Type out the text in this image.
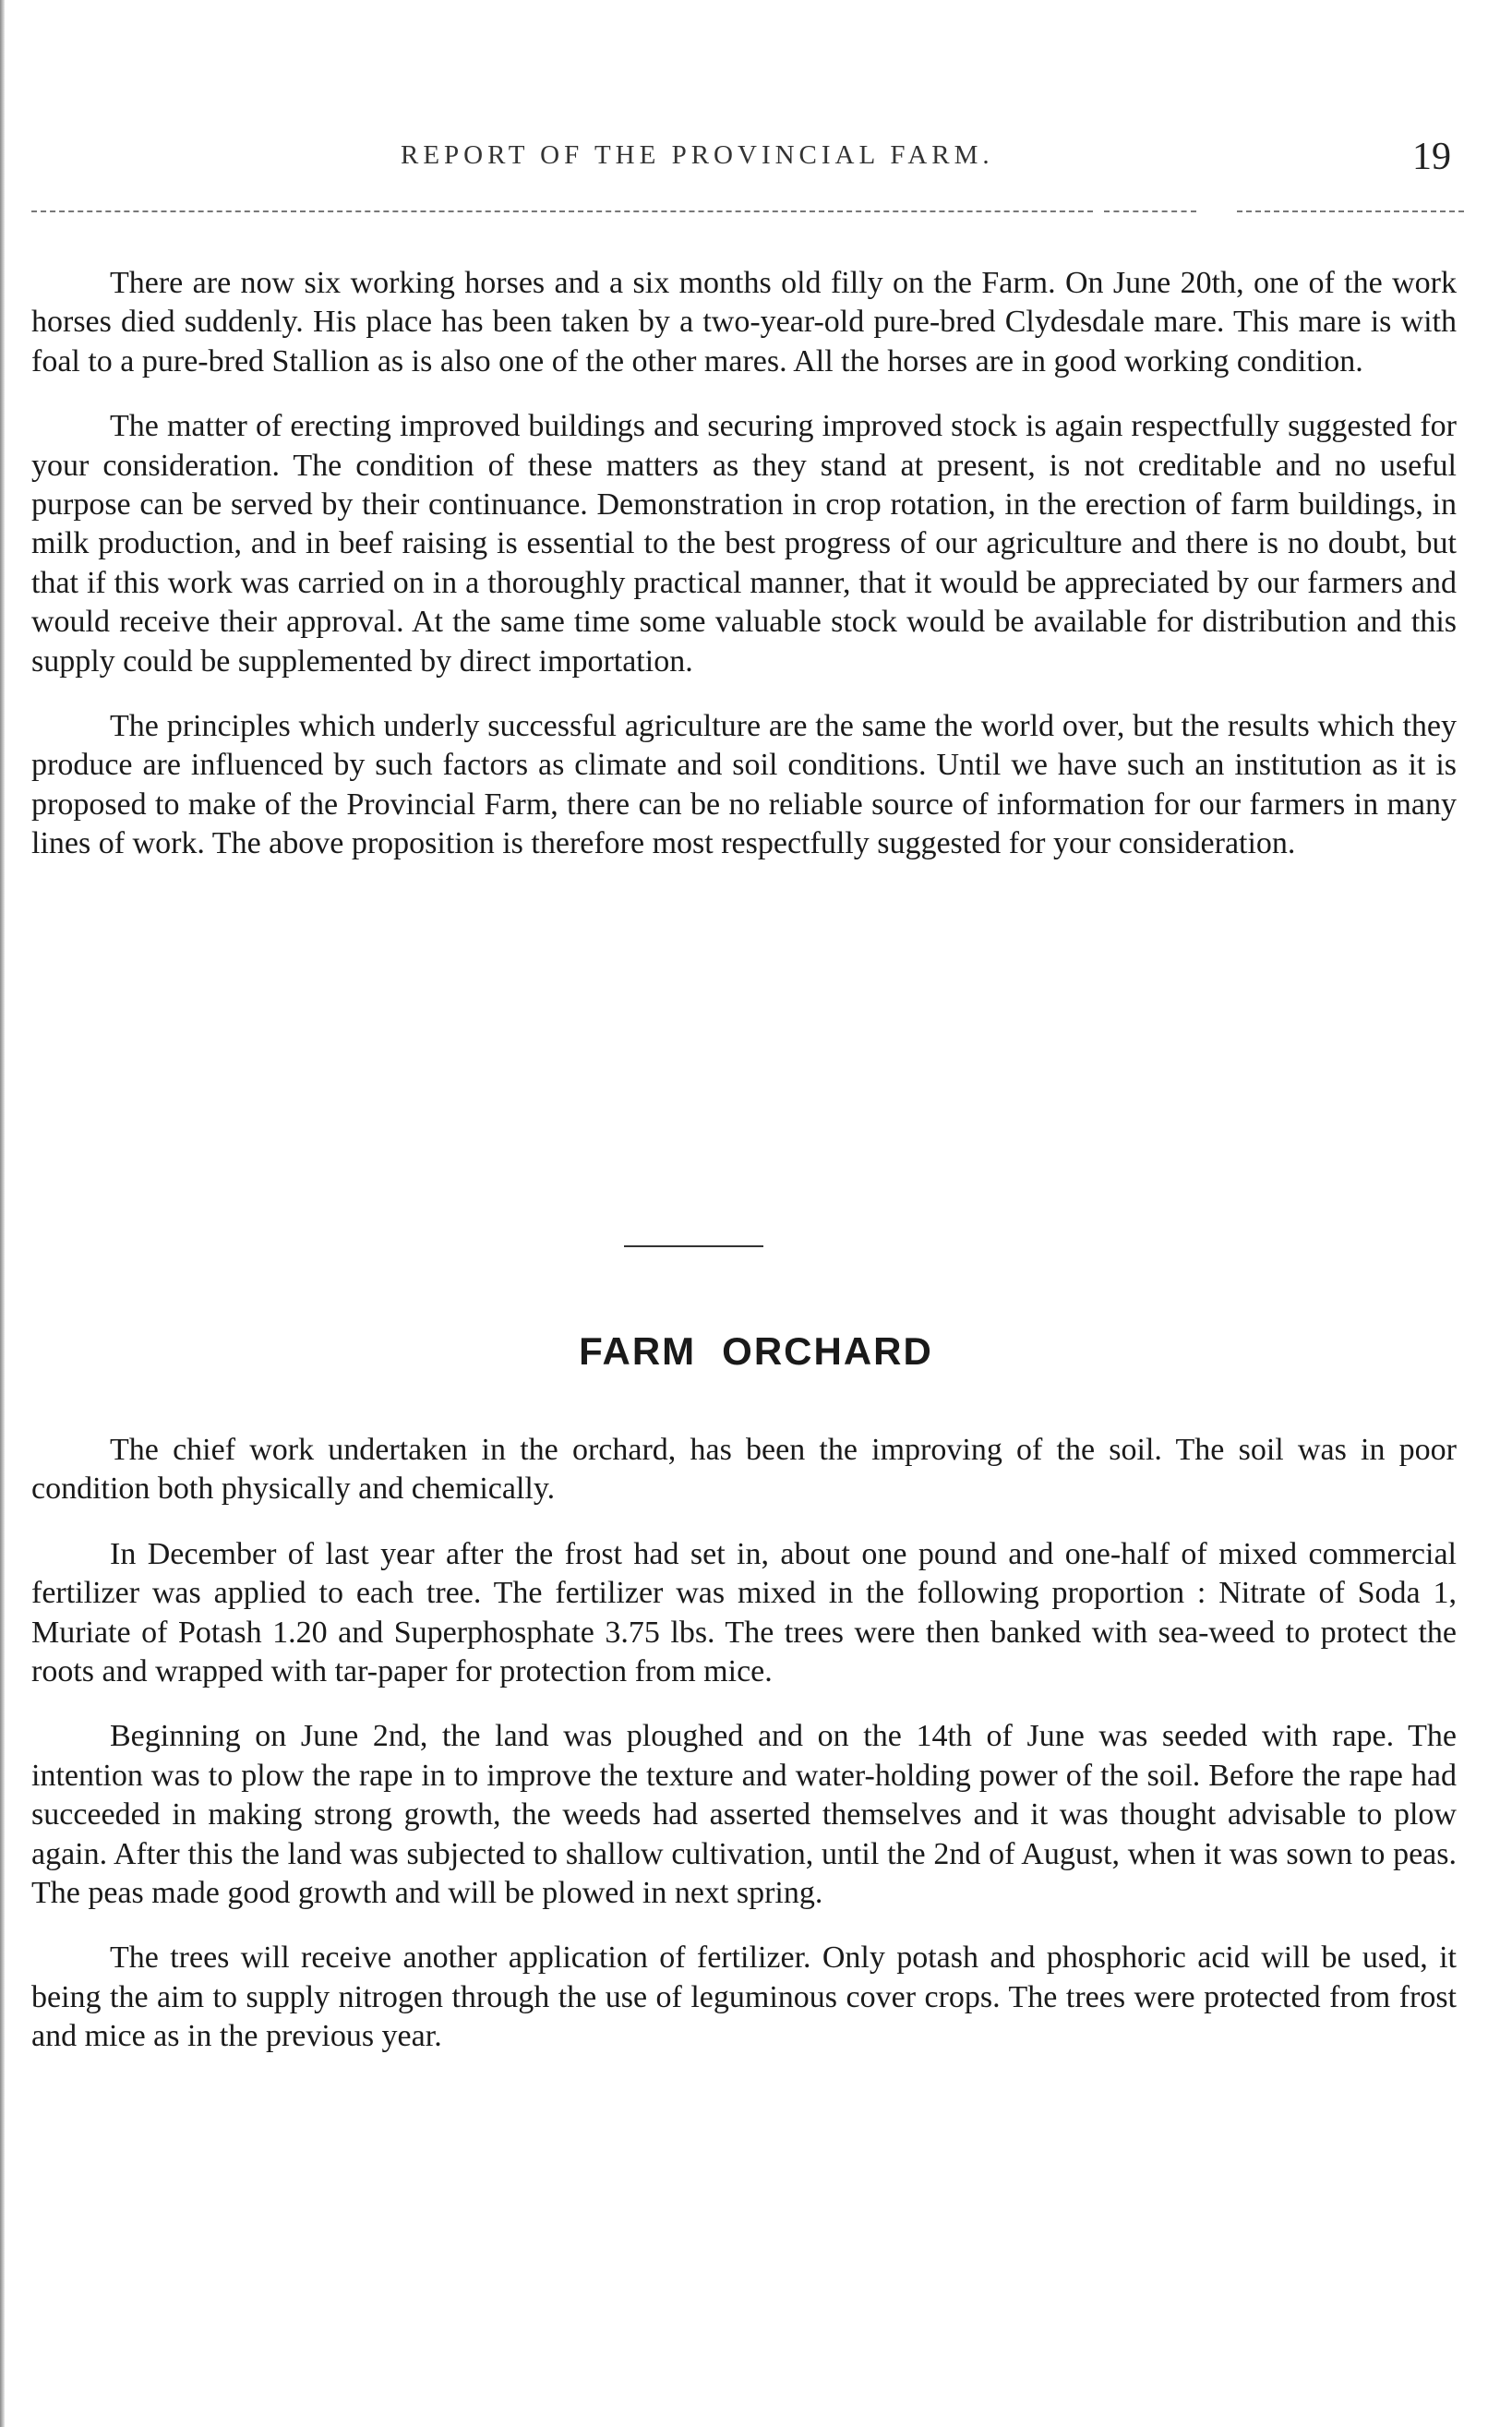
REPORT OF THE PROVINCIAL FARM.	19

There are now six working horses and a six months old filly on the Farm. On June 20th, one of the work horses died suddenly. His place has been taken by a two-year-old pure-bred Clydesdale mare. This mare is with foal to a pure-bred Stallion as is also one of the other mares. All the horses are in good working condition.

The matter of erecting improved buildings and securing improved stock is again respectfully suggested for your consideration. The condition of these matters as they stand at present, is not creditable and no useful purpose can be served by their continuance. Demonstration in crop rotation, in the erection of farm buildings, in milk production, and in beef raising is essential to the best progress of our agriculture and there is no doubt, but that if this work was carried on in a thoroughly practical manner, that it would be appreciated by our farmers and would receive their approval. At the same time some valuable stock would be available for distribution and this supply could be supplemented by direct importation.

The principles which underly successful agriculture are the same the world over, but the results which they produce are influenced by such factors as climate and soil conditions. Until we have such an institution as it is proposed to make of the Provincial Farm, there can be no reliable source of information for our farmers in many lines of work. The above proposition is therefore most respectfully suggested for your consideration.

FARM ORCHARD

The chief work undertaken in the orchard, has been the improving of the soil. The soil was in poor condition both physically and chemically.

In December of last year after the frost had set in, about one pound and one-half of mixed commercial fertilizer was applied to each tree. The fertilizer was mixed in the following proportion : Nitrate of Soda 1, Muriate of Potash 1.20 and Superphosphate 3.75 lbs. The trees were then banked with sea-weed to protect the roots and wrapped with tar-paper for protection from mice.

Beginning on June 2nd, the land was ploughed and on the 14th of June was seeded with rape. The intention was to plow the rape in to improve the texture and water-holding power of the soil. Before the rape had succeeded in making strong growth, the weeds had asserted themselves and it was thought advisable to plow again. After this the land was subjected to shallow cultivation, until the 2nd of August, when it was sown to peas. The peas made good growth and will be plowed in next spring.

The trees will receive another application of fertilizer. Only potash and phosphoric acid will be used, it being the aim to supply nitrogen through the use of leguminous cover crops. The trees were protected from frost and mice as in the previous year.
